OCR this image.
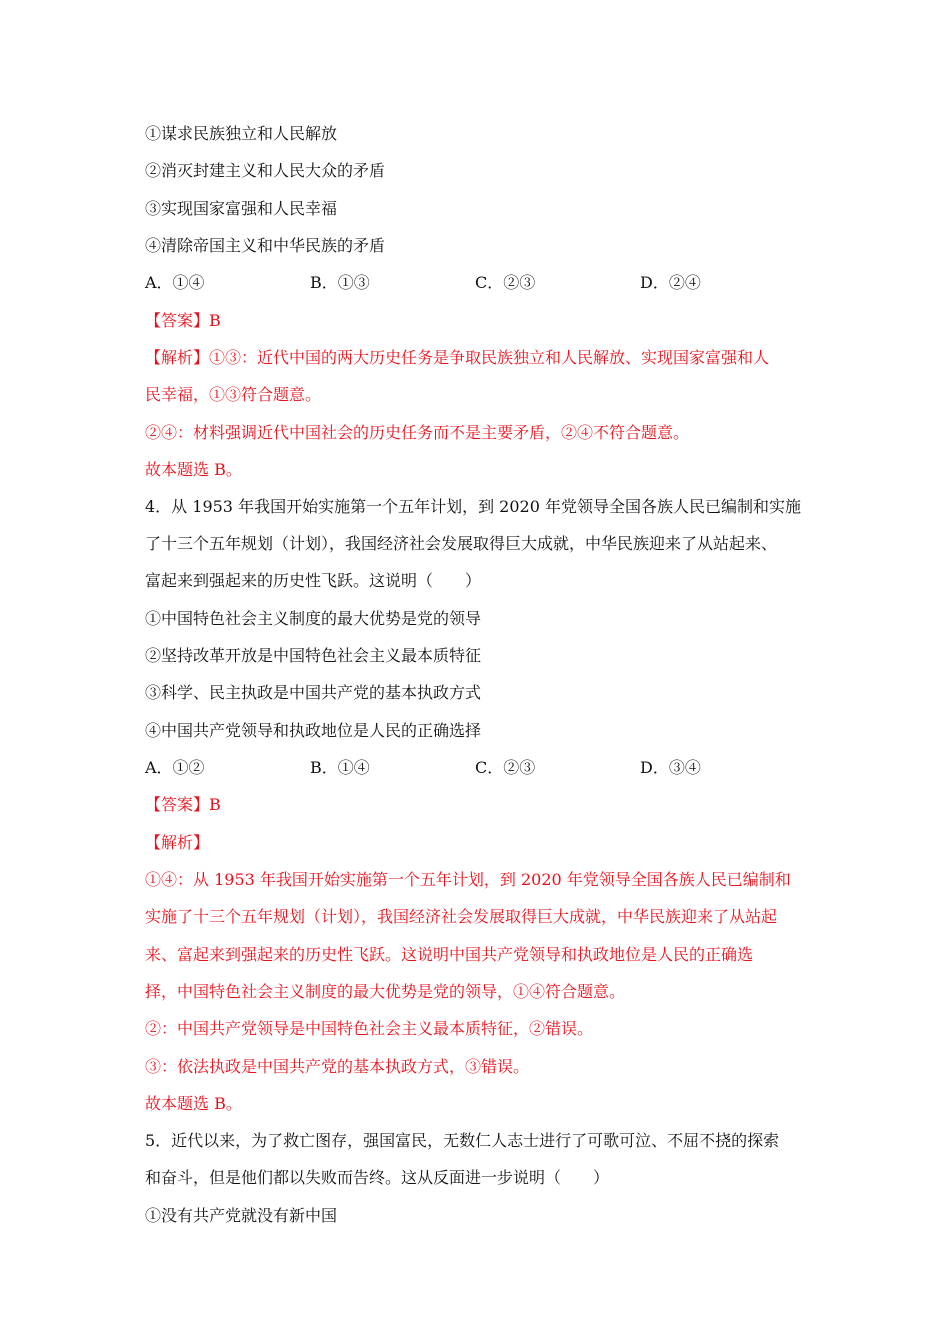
①谋求民族独立和人民解放
②消灭封建主义和人民大众的矛盾
③实现国家富强和人民幸福
④清除帝国主义和中华民族的矛盾
A．①④	B．①③	C．②③	D．②④
【答案】B
【解析】①③：近代中国的两大历史任务是争取民族独立和人民解放、实现国家富强和人
民幸福，①③符合题意。
②④：材料强调近代中国社会的历史任务而不是主要矛盾，②④不符合题意。
故本题选 B。
4．从 1953 年我国开始实施第一个五年计划，到 2020 年党领导全国各族人民已编制和实施
了十三个五年规划（计划），我国经济社会发展取得巨大成就，中华民族迎来了从站起来、
富起来到强起来的历史性飞跃。这说明（　　）
①中国特色社会主义制度的最大优势是党的领导
②坚持改革开放是中国特色社会主义最本质特征
③科学、民主执政是中国共产党的基本执政方式
④中国共产党领导和执政地位是人民的正确选择
A．①②	B．①④	C．②③	D．③④
【答案】B
【解析】
①④：从 1953 年我国开始实施第一个五年计划，到 2020 年党领导全国各族人民已编制和
实施了十三个五年规划（计划），我国经济社会发展取得巨大成就，中华民族迎来了从站起
来、富起来到强起来的历史性飞跃。这说明中国共产党领导和执政地位是人民的正确选
择，中国特色社会主义制度的最大优势是党的领导，①④符合题意。
②：中国共产党领导是中国特色社会主义最本质特征，②错误。
③：依法执政是中国共产党的基本执政方式，③错误。
故本题选 B。
5．近代以来，为了救亡图存，强国富民，无数仁人志士进行了可歌可泣、不屈不挠的探索
和奋斗，但是他们都以失败而告终。这从反面进一步说明（　　）
①没有共产党就没有新中国
